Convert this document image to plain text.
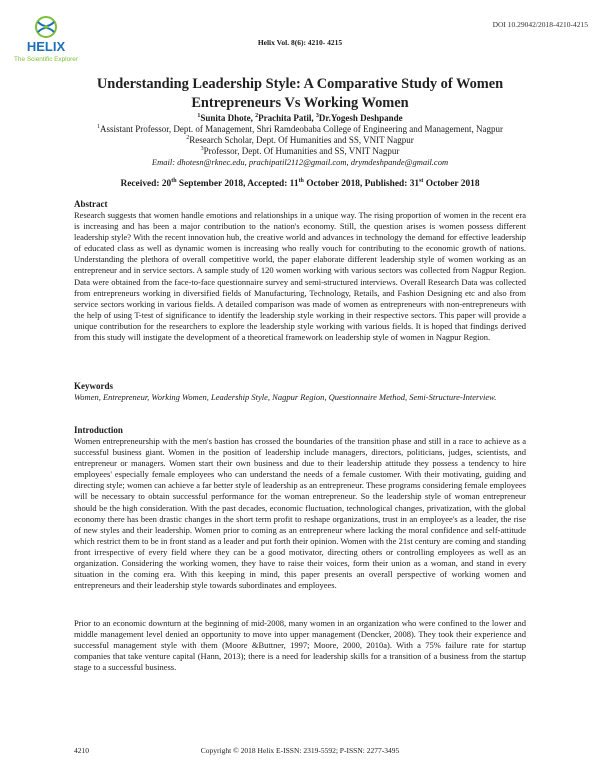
HELIX
The Scientific Explorer
DOI 10.29042/2018-4210-4215
Helix Vol. 8(6): 4210- 4215
Understanding Leadership Style: A Comparative Study of Women
Entrepreneurs Vs Working Women
$^1$Sunita Dhote, $^2$Prachita Patil, $^3$Dr.Yogesh Deshpande
$^1$Assistant Professor, Dept. of Management, Shri Ramdeobaba College of Engineering and Management, Nagpur
$^2$Research Scholar, Dept. Of Humanities and SS, VNIT Nagpur
$^3$Professor, Dept. Of Humanities and SS, VNIT Nagpur
Email: dhotesn@rknec.edu, prachipatil2112@gmail.com, drymdeshpande@gmail.com
Received: 20th September 2018, Accepted: 11th October 2018, Published: 31st October 2018
Abstract
Research suggests that women handle emotions and relationships in a unique way. The rising proportion of women in the recent era is increasing and has been a major contribution to the nation's economy. Still, the question arises is women possess different leadership style? With the recent innovation hub, the creative world and advances in technology the demand for effective leadership of educated class as well as dynamic women is increasing who really vouch for contributing to the economic growth of nations. Understanding the plethora of overall competitive world, the paper elaborate different leadership style of women working as an entrepreneur and in service sectors. A sample study of 120 women working with various sectors was collected from Nagpur Region. Data were obtained from the face-to-face questionnaire survey and semi-structured interviews. Overall Research Data was collected from entrepreneurs working in diversified fields of Manufacturing, Technology, Retails, and Fashion Designing etc and also from service sectors working in various fields. A detailed comparison was made of women as entrepreneurs with non-entrepreneurs with the help of using T-test of significance to identify the leadership style working in their respective sectors. This paper will provide a unique contribution for the researchers to explore the leadership style working with various fields. It is hoped that findings derived from this study will instigate the development of a theoretical framework on leadership style of women in Nagpur Region.
Keywords
Women, Entrepreneur, Working Women, Leadership Style, Nagpur Region, Questionnaire Method, Semi-Structure-Interview.
Introduction
Women entrepreneurship with the men's bastion has crossed the boundaries of the transition phase and still in a race to achieve as a successful business giant. Women in the position of leadership include managers, directors, politicians, judges, scientists, and entrepreneur or managers. Women start their own business and due to their leadership attitude they possess a tendency to hire employees' especially female employees who can understand the needs of a female customer. With their motivating, guiding and directing style; women can achieve a far better style of leadership as an entrepreneur. These programs considering female employees will be necessary to obtain successful performance for the woman entrepreneur. So the leadership style of woman entrepreneur should be the high consideration. With the past decades, economic fluctuation, technological changes, privatization, with the global economy there has been drastic changes in the short term profit to reshape organizations, trust in an employee's as a leader, the rise of new styles and their leadership. Women prior to coming as an entrepreneur where lacking the moral confidence and self-attitude which restrict them to be in front stand as a leader and put forth their opinion. Women with the 21st century are coming and standing front irrespective of every field where they can be a good motivator, directing others or controlling employees as well as an organization. Considering the working women, they have to raise their voices, form their union as a woman, and stand in every situation in the coming era. With this keeping in mind, this paper presents an overall perspective of working women and entrepreneurs and their leadership style towards subordinates and employees.
Prior to an economic downturn at the beginning of mid-2008, many women in an organization who were confined to the lower and middle management level denied an opportunity to move into upper management (Dencker, 2008). They took their experience and successful management style with them (Moore &Buttner, 1997; Moore, 2000, 2010a). With a 75% failure rate for startup companies that take venture capital (Hann, 2013); there is a need for leadership skills for a transition of a business from the startup stage to a successful business.
4210	Copyright © 2018 Helix E-ISSN: 2319-5592; P-ISSN: 2277-3495
